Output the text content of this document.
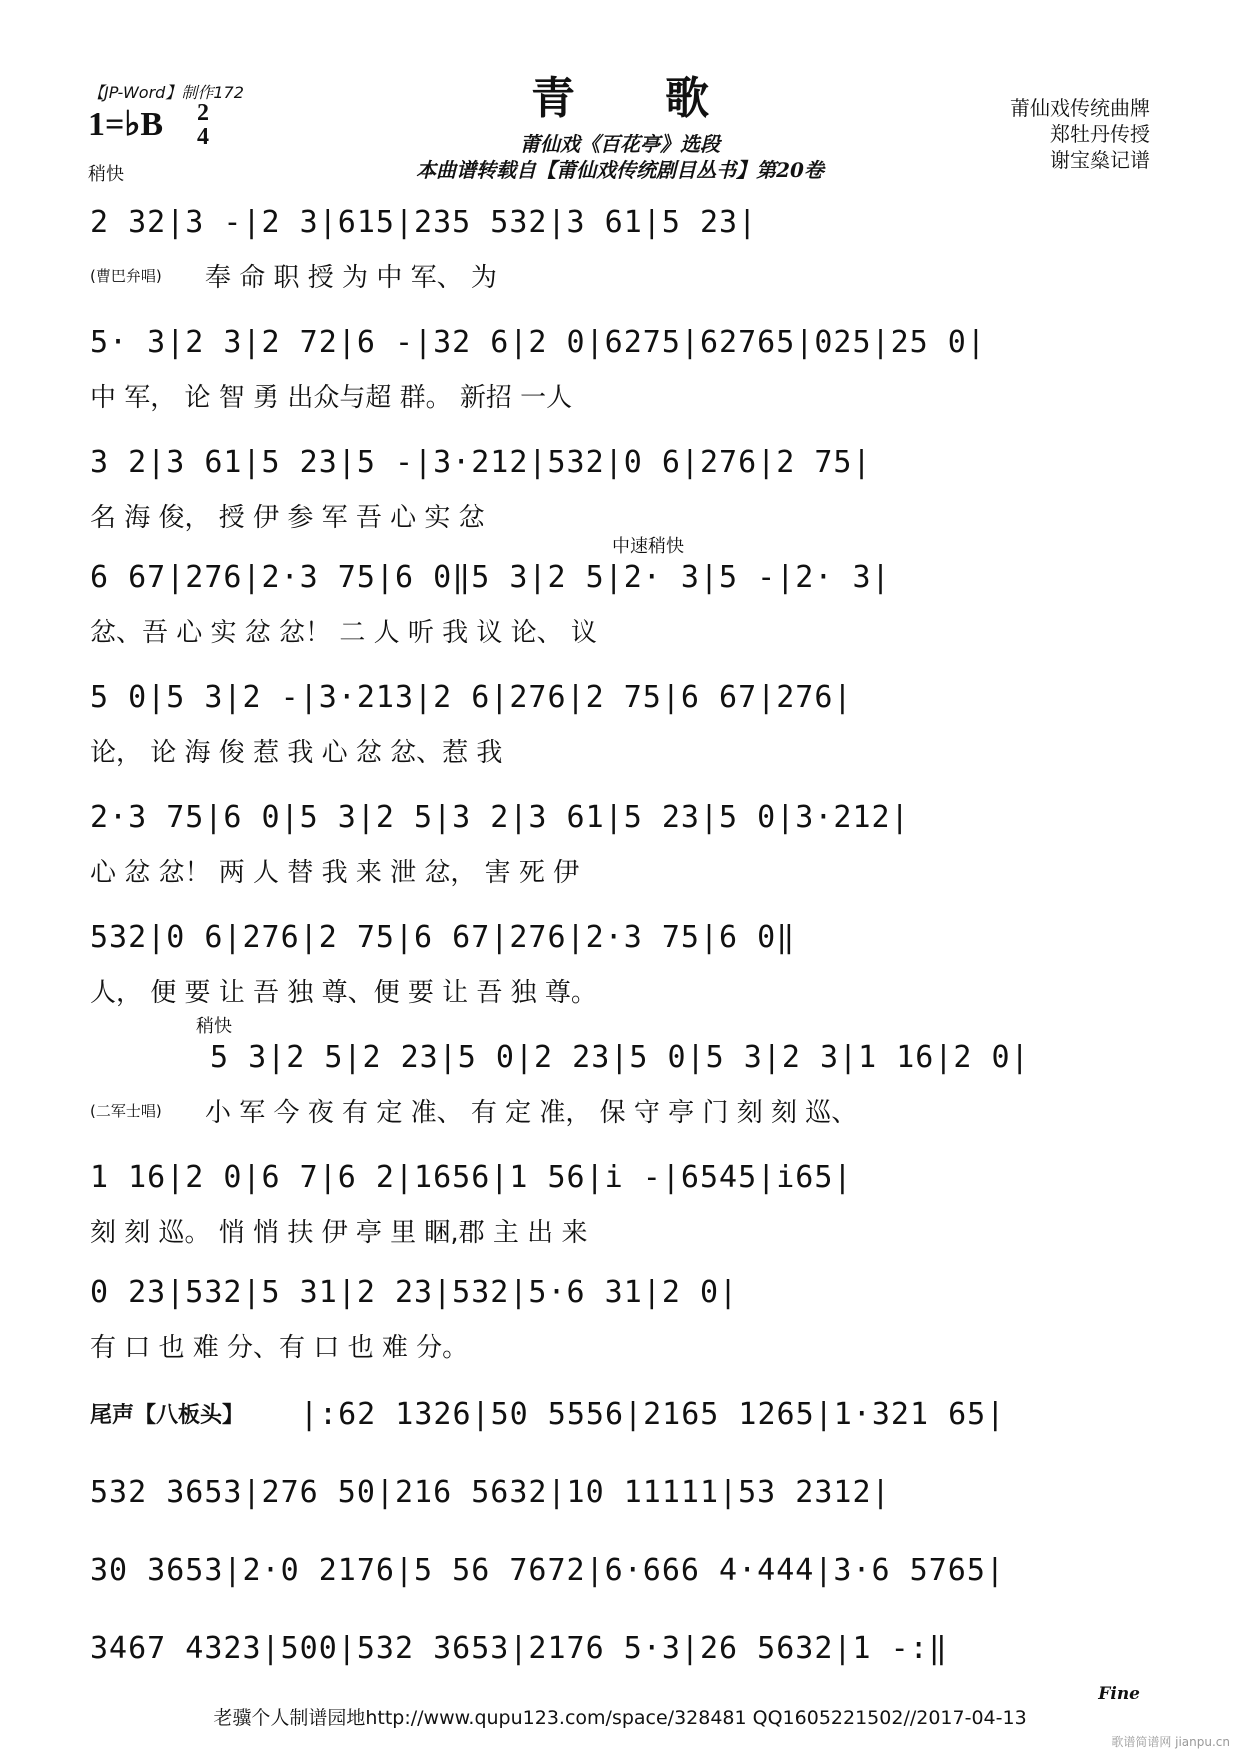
【JP-Word】制作172
1=♭B 2
4
稍快
青歌
莆仙戏《百花亭》选段
本曲谱转载自【莆仙戏传统剧目丛书】第20卷
莆仙戏传统曲牌
郑牡丹传授
谢宝燊记谱
2 32|3 -|2 3|615|235 532|3 61|5 23|
奉 命 职 授 为 中 军、 为
(曹巴弁唱)
5· 3|2 3|2 72|6 -|32 6|2 0|6275|62765|025|25 0|
中 军， 论 智 勇 出众与超 群。 新招 一人
3 2|3 61|5 23|5 -|3·212|532|0 6|276|2 75|
名 海 俊， 授 伊 参 军 吾 心 实 忿
6 67|276|2·3 75|6 0‖5 3|2 5|2· 3|5 -|2· 3|
忿、吾 心 实 忿 忿！ 二 人 听 我 议 论、 议
中速稍快
5 0|5 3|2 -|3·213|2 6|276|2 75|6 67|276|
论， 论 海 俊 惹 我 心 忿 忿、惹 我
2·3 75|6 0|5 3|2 5|3 2|3 61|5 23|5 0|3·212|
心 忿 忿！ 两 人 替 我 来 泄 忿， 害 死 伊
532|0 6|276|2 75|6 67|276|2·3 75|6 0‖
人， 便 要 让 吾 独 尊、便 要 让 吾 独 尊。
5 3|2 5|2 23|5 0|2 23|5 0|5 3|2 3|1 16|2 0|
小 军 今 夜 有 定 准、 有 定 准， 保 守 亭 门 刻 刻 巡、
(二军士唱)
稍快
1 16|2 0|6 7|6 2|1656|1 56|i -|6545|i65|
刻 刻 巡。 悄 悄 扶 伊 亭 里 睏,郡 主 出 来
0 23|532|5 31|2 23|532|5·6 31|2 0|
有 口 也 难 分、有 口 也 难 分。
|:62 1326|50 5556|2165 1265|1·321 65|
532 3653|276 50|216 5632|10 11111|53 2312|
30 3653|2·0 2176|5 56 7672|6·666 4·444|3·6 5765|
3467 4323|500|532 3653|2176 5·3|26 5632|1 -:‖
尾声【八板头】
Fine
老骥个人制谱园地http://www.qupu123.com/space/328481 QQ1605221502//2017-04-13
歌谱简谱网 jianpu.cn
